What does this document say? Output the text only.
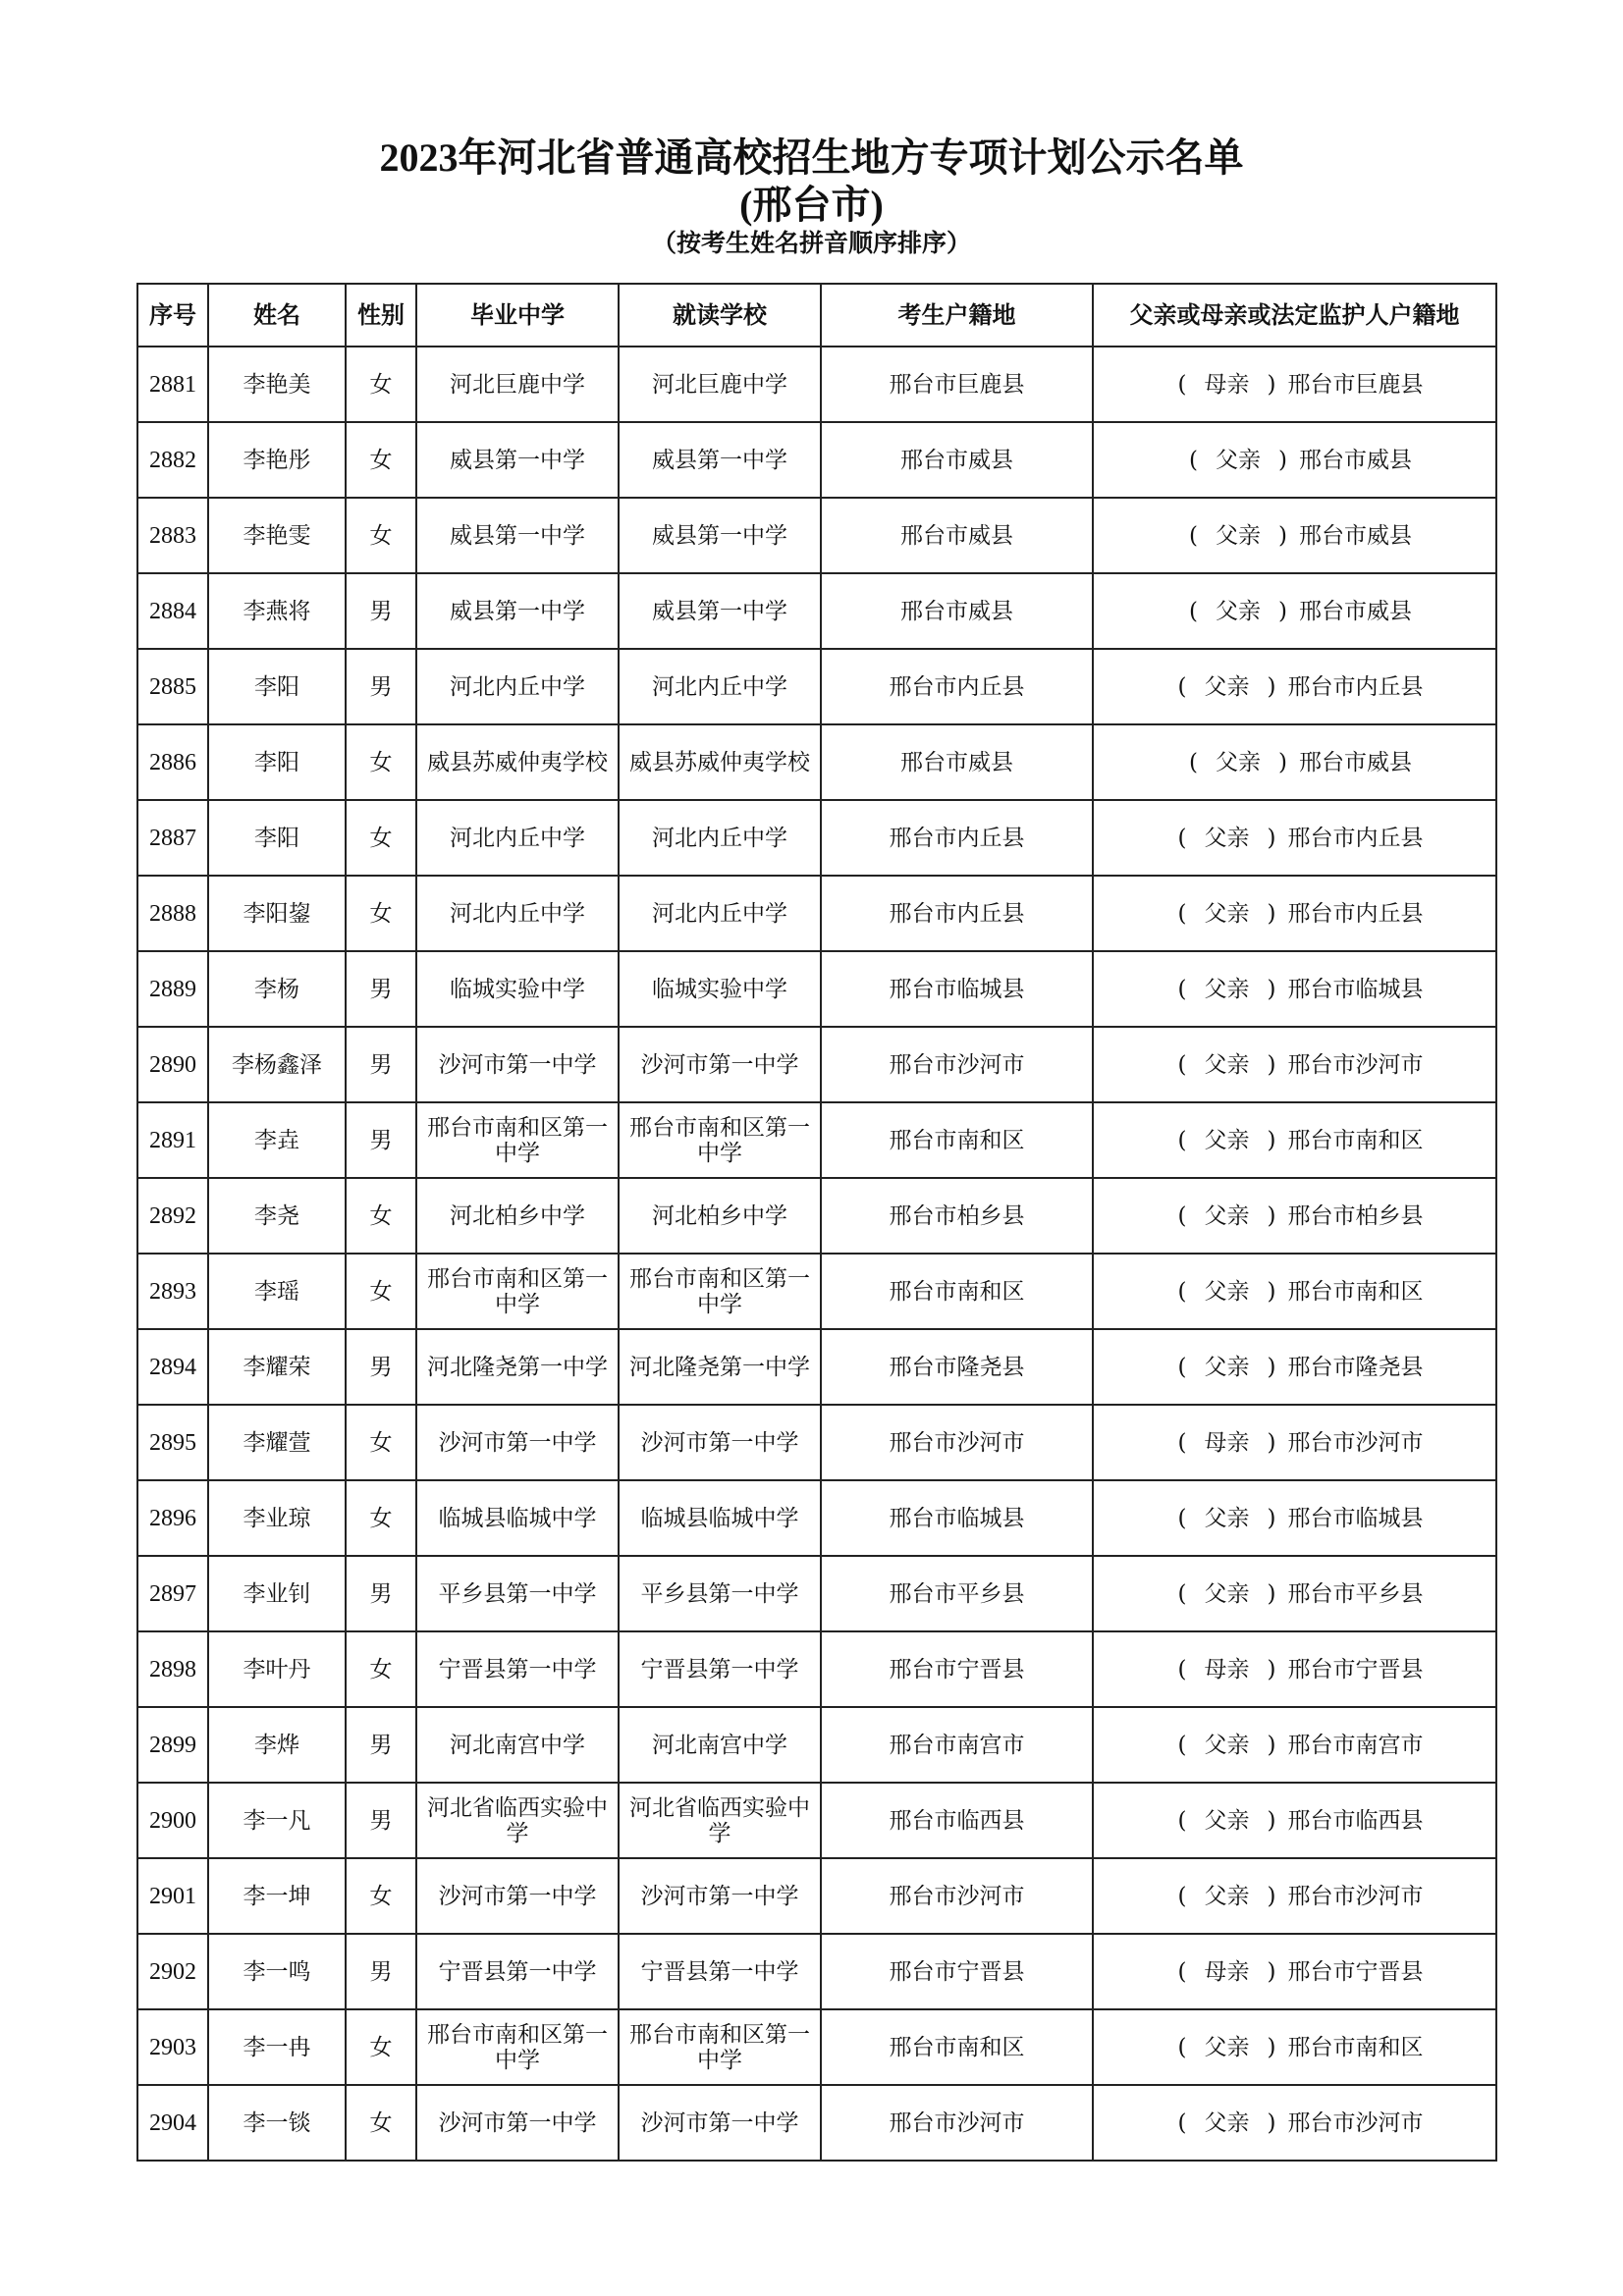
2023年河北省普通高校招生地方专项计划公示名单
(邢台市)
（按考生姓名拼音顺序排序）
序号	姓名	性别	毕业中学	就读学校	考生户籍地	父亲或母亲或法定监护人户籍地
2881	李艳美	女	河北巨鹿中学	河北巨鹿中学	邢台市巨鹿县	( 母亲 ) 邢台市巨鹿县
2882	李艳彤	女	威县第一中学	威县第一中学	邢台市威县	( 父亲 ) 邢台市威县
2883	李艳雯	女	威县第一中学	威县第一中学	邢台市威县	( 父亲 ) 邢台市威县
2884	李燕将	男	威县第一中学	威县第一中学	邢台市威县	( 父亲 ) 邢台市威县
2885	李阳	男	河北内丘中学	河北内丘中学	邢台市内丘县	( 父亲 ) 邢台市内丘县
2886	李阳	女	威县苏威仲夷学校	威县苏威仲夷学校	邢台市威县	( 父亲 ) 邢台市威县
2887	李阳	女	河北内丘中学	河北内丘中学	邢台市内丘县	( 父亲 ) 邢台市内丘县
2888	李阳鋆	女	河北内丘中学	河北内丘中学	邢台市内丘县	( 父亲 ) 邢台市内丘县
2889	李杨	男	临城实验中学	临城实验中学	邢台市临城县	( 父亲 ) 邢台市临城县
2890	李杨鑫泽	男	沙河市第一中学	沙河市第一中学	邢台市沙河市	( 父亲 ) 邢台市沙河市
2891	李垚	男	邢台市南和区第一中学	邢台市南和区第一中学	邢台市南和区	( 父亲 ) 邢台市南和区
2892	李尧	女	河北柏乡中学	河北柏乡中学	邢台市柏乡县	( 父亲 ) 邢台市柏乡县
2893	李瑶	女	邢台市南和区第一中学	邢台市南和区第一中学	邢台市南和区	( 父亲 ) 邢台市南和区
2894	李耀荣	男	河北隆尧第一中学	河北隆尧第一中学	邢台市隆尧县	( 父亲 ) 邢台市隆尧县
2895	李耀萱	女	沙河市第一中学	沙河市第一中学	邢台市沙河市	( 母亲 ) 邢台市沙河市
2896	李业琼	女	临城县临城中学	临城县临城中学	邢台市临城县	( 父亲 ) 邢台市临城县
2897	李业钊	男	平乡县第一中学	平乡县第一中学	邢台市平乡县	( 父亲 ) 邢台市平乡县
2898	李叶丹	女	宁晋县第一中学	宁晋县第一中学	邢台市宁晋县	( 母亲 ) 邢台市宁晋县
2899	李烨	男	河北南宫中学	河北南宫中学	邢台市南宫市	( 父亲 ) 邢台市南宫市
2900	李一凡	男	河北省临西实验中学	河北省临西实验中学	邢台市临西县	( 父亲 ) 邢台市临西县
2901	李一坤	女	沙河市第一中学	沙河市第一中学	邢台市沙河市	( 父亲 ) 邢台市沙河市
2902	李一鸣	男	宁晋县第一中学	宁晋县第一中学	邢台市宁晋县	( 母亲 ) 邢台市宁晋县
2903	李一冉	女	邢台市南和区第一中学	邢台市南和区第一中学	邢台市南和区	( 父亲 ) 邢台市南和区
2904	李一锬	女	沙河市第一中学	沙河市第一中学	邢台市沙河市	( 父亲 ) 邢台市沙河市
